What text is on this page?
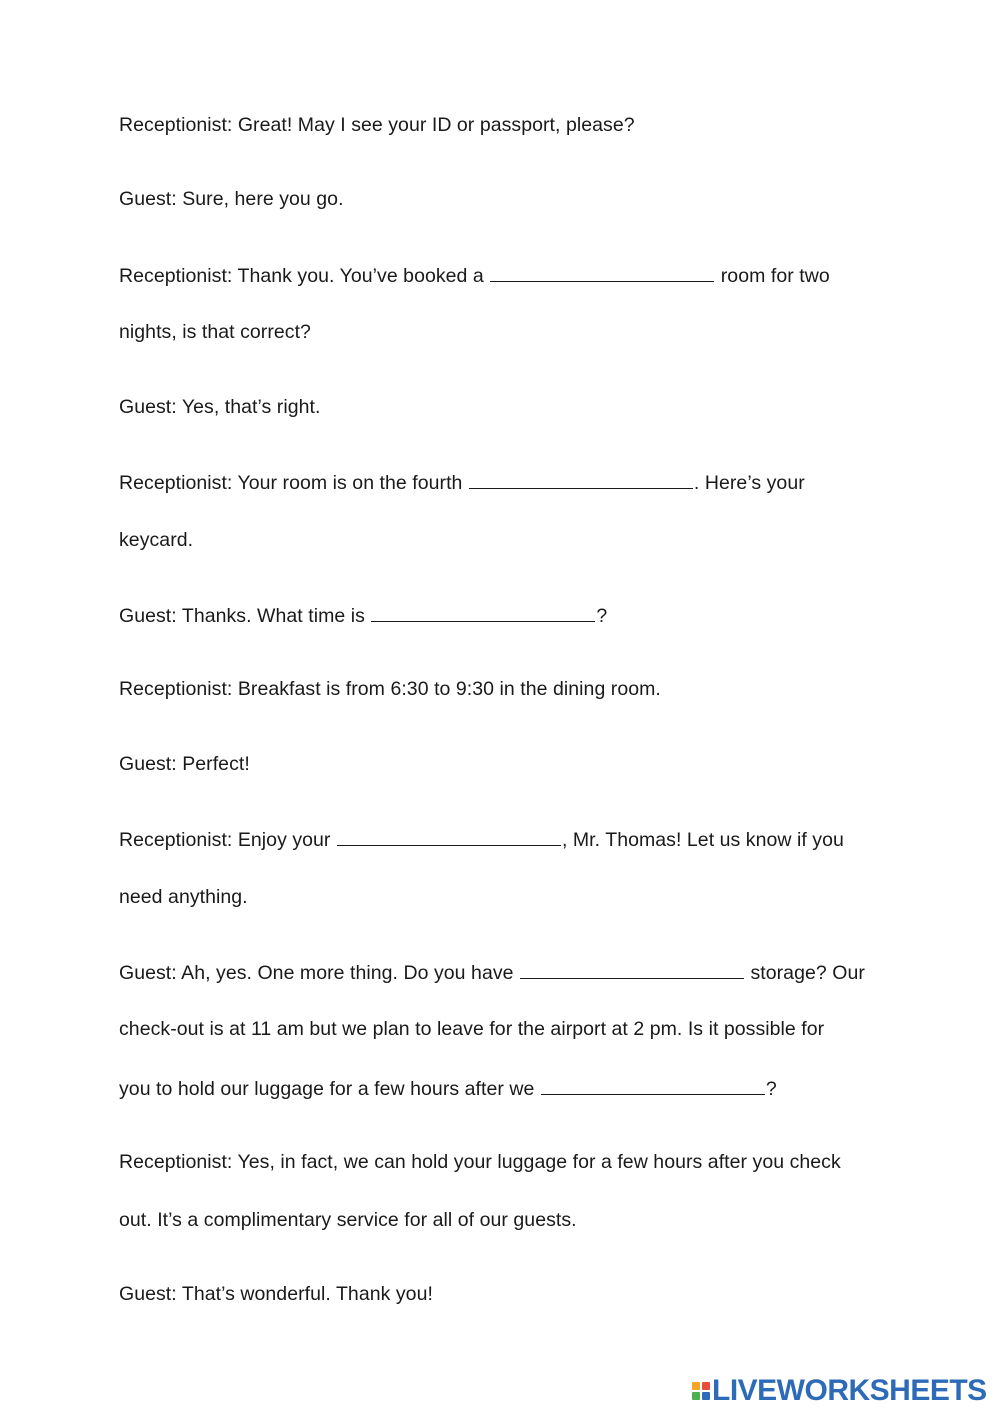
Receptionist: Great! May I see your ID or passport, please?
Guest: Sure, here you go.
Receptionist: Thank you. You’ve booked a	room for two
nights, is that correct?
Guest: Yes, that’s right.
Receptionist: Your room is on the fourth	. Here’s your
keycard.
Guest: Thanks. What time is	?
Receptionist: Breakfast is from 6:30 to 9:30 in the dining room.
Guest: Perfect!
Receptionist: Enjoy your	, Mr. Thomas! Let us know if you
need anything.
Guest: Ah, yes. One more thing. Do you have	storage? Our
check-out is at 11 am but we plan to leave for the airport at 2 pm. Is it possible for
you to hold our luggage for a few hours after we	?
Receptionist: Yes, in fact, we can hold your luggage for a few hours after you check
out. It’s a complimentary service for all of our guests.
Guest: That’s wonderful. Thank you!
LIVEWORKSHEETS
